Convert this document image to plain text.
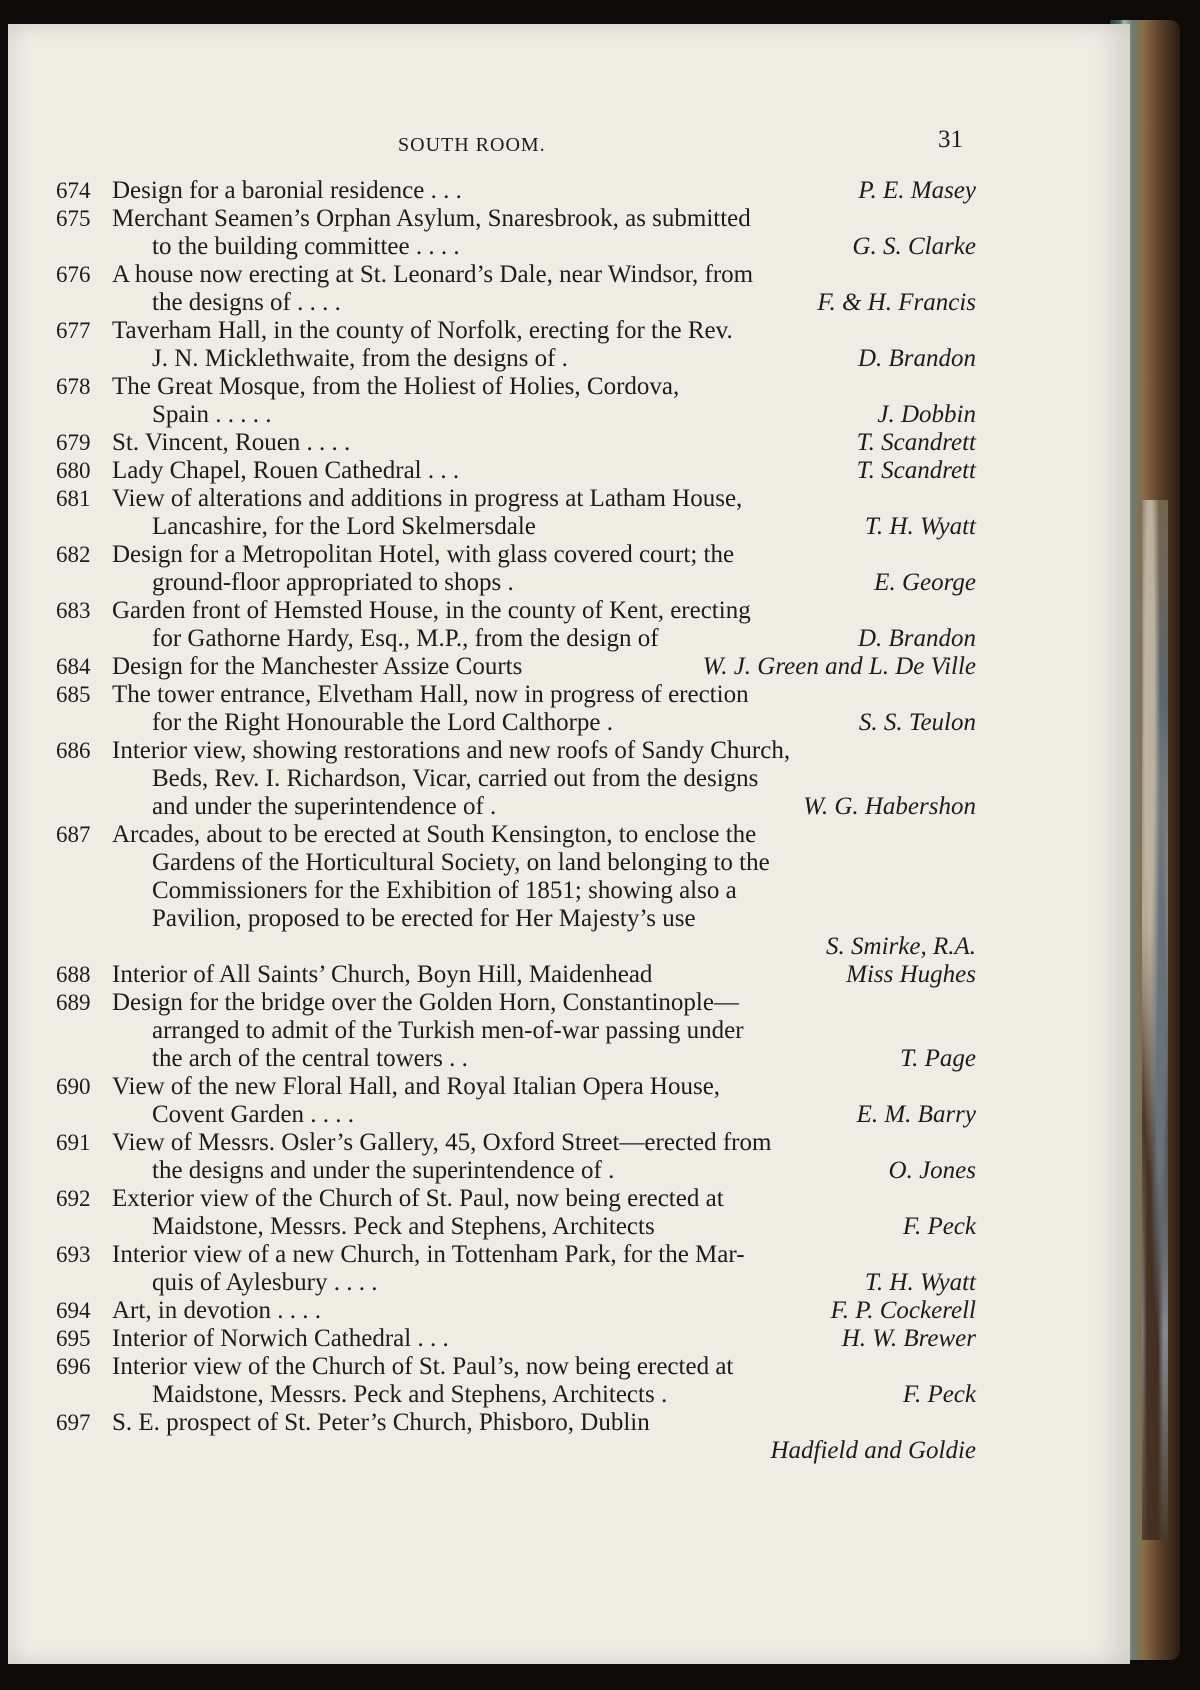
SOUTH ROOM.	31
674 Design for a baronial residence . . .	P. E. Masey
675 Merchant Seamen’s Orphan Asylum, Snaresbrook, as submitted
to the building committee . . . .	G. S. Clarke
676 A house now erecting at St. Leonard’s Dale, near Windsor, from
the designs of . . . .	F. & H. Francis
677 Taverham Hall, in the county of Norfolk, erecting for the Rev.
J. N. Micklethwaite, from the designs of .	D. Brandon
678 The Great Mosque, from the Holiest of Holies, Cordova,
Spain . . . . .	J. Dobbin
679 St. Vincent, Rouen . . . .	T. Scandrett
680 Lady Chapel, Rouen Cathedral . . .	T. Scandrett
681 View of alterations and additions in progress at Latham House,
Lancashire, for the Lord Skelmersdale	T. H. Wyatt
682 Design for a Metropolitan Hotel, with glass covered court; the
ground-floor appropriated to shops .	E. George
683 Garden front of Hemsted House, in the county of Kent, erecting
for Gathorne Hardy, Esq., M.P., from the design of	D. Brandon
684 Design for the Manchester Assize Courts	W. J. Green and L. De Ville
685 The tower entrance, Elvetham Hall, now in progress of erection
for the Right Honourable the Lord Calthorpe .	S. S. Teulon
686 Interior view, showing restorations and new roofs of Sandy Church,
Beds, Rev. I. Richardson, Vicar, carried out from the designs
and under the superintendence of .	W. G. Habershon
687 Arcades, about to be erected at South Kensington, to enclose the
Gardens of the Horticultural Society, on land belonging to the
Commissioners for the Exhibition of 1851; showing also a
Pavilion, proposed to be erected for Her Majesty’s use
S. Smirke, R.A.
688 Interior of All Saints’ Church, Boyn Hill, Maidenhead	Miss Hughes
689 Design for the bridge over the Golden Horn, Constantinople—
arranged to admit of the Turkish men-of-war passing under
the arch of the central towers . .	T. Page
690 View of the new Floral Hall, and Royal Italian Opera House,
Covent Garden . . . .	E. M. Barry
691 View of Messrs. Osler’s Gallery, 45, Oxford Street—erected from
the designs and under the superintendence of .	O. Jones
692 Exterior view of the Church of St. Paul, now being erected at
Maidstone, Messrs. Peck and Stephens, Architects	F. Peck
693 Interior view of a new Church, in Tottenham Park, for the Mar-
quis of Aylesbury . . . .	T. H. Wyatt
694 Art, in devotion . . . .	F. P. Cockerell
695 Interior of Norwich Cathedral . . .	H. W. Brewer
696 Interior view of the Church of St. Paul’s, now being erected at
Maidstone, Messrs. Peck and Stephens, Architects .	F. Peck
697 S. E. prospect of St. Peter’s Church, Phisboro, Dublin
Hadfield and Goldie
